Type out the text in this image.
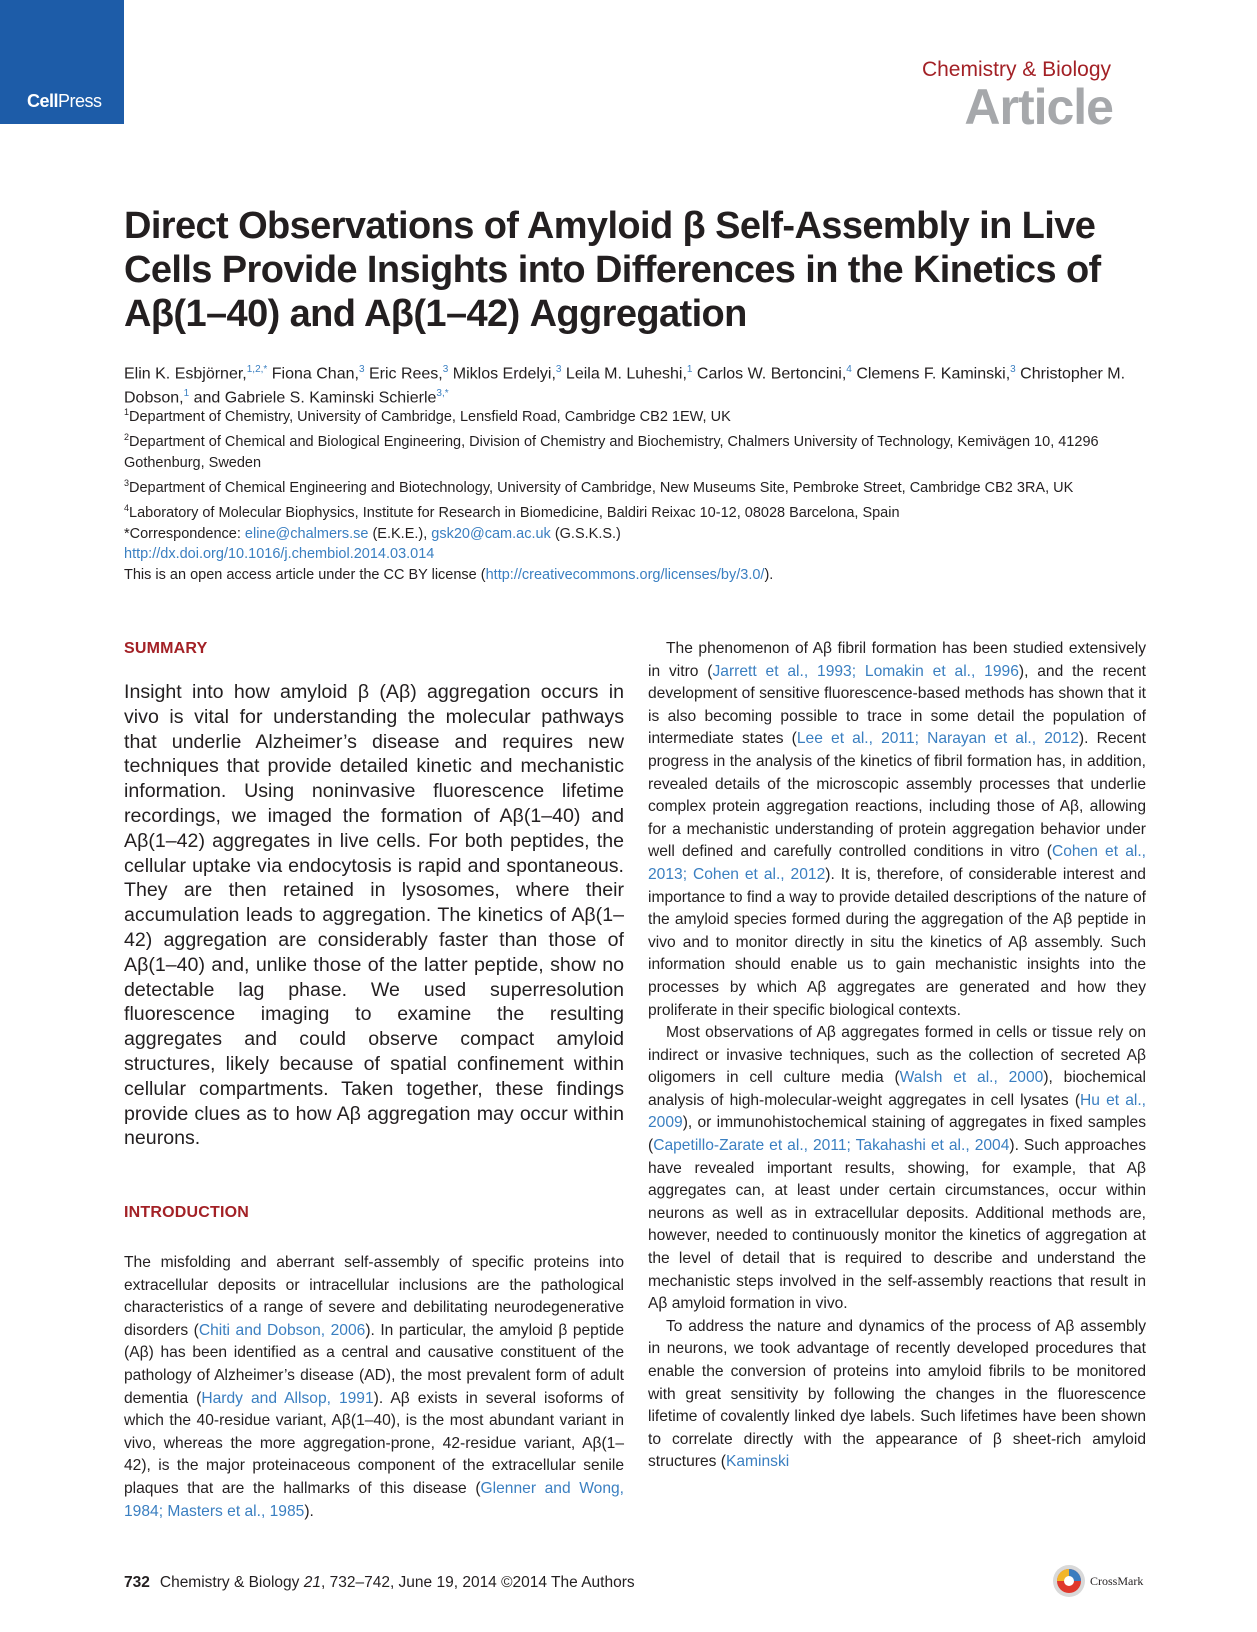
CellPress
Chemistry & Biology
Article
Direct Observations of Amyloid β Self-Assembly in Live Cells Provide Insights into Differences in the Kinetics of Aβ(1–40) and Aβ(1–42) Aggregation
Elin K. Esbjörner,$^{1,2,*}$ Fiona Chan,$^3$ Eric Rees,$^3$ Miklos Erdelyi,$^3$ Leila M. Luheshi,$^1$ Carlos W. Bertoncini,$^4$ Clemens F. Kaminski,$^3$ Christopher M. Dobson,$^1$ and Gabriele S. Kaminski Schierle$^{3,*}$
$^1$Department of Chemistry, University of Cambridge, Lensfield Road, Cambridge CB2 1EW, UK
$^2$Department of Chemical and Biological Engineering, Division of Chemistry and Biochemistry, Chalmers University of Technology, Kemivägen 10, 41296 Gothenburg, Sweden
$^3$Department of Chemical Engineering and Biotechnology, University of Cambridge, New Museums Site, Pembroke Street, Cambridge CB2 3RA, UK
$^4$Laboratory of Molecular Biophysics, Institute for Research in Biomedicine, Baldiri Reixac 10-12, 08028 Barcelona, Spain
*Correspondence: eline@chalmers.se (E.K.E.), gsk20@cam.ac.uk (G.S.K.S.)
http://dx.doi.org/10.1016/j.chembiol.2014.03.014
This is an open access article under the CC BY license (http://creativecommons.org/licenses/by/3.0/).
SUMMARY

Insight into how amyloid β (Aβ) aggregation occurs in vivo is vital for understanding the molecular pathways that underlie Alzheimer’s disease and requires new techniques that provide detailed kinetic and mechanistic information. Using noninvasive fluorescence lifetime recordings, we imaged the formation of Aβ(1–40) and Aβ(1–42) aggregates in live cells. For both peptides, the cellular uptake via endocytosis is rapid and spontaneous. They are then retained in lysosomes, where their accumulation leads to aggregation. The kinetics of Aβ(1–42) aggregation are considerably faster than those of Aβ(1–40) and, unlike those of the latter peptide, show no detectable lag phase. We used superresolution fluorescence imaging to examine the resulting aggregates and could observe compact amyloid structures, likely because of spatial confinement within cellular compartments. Taken together, these findings provide clues as to how Aβ aggregation may occur within neurons.

INTRODUCTION

The misfolding and aberrant self-assembly of specific proteins into extracellular deposits or intracellular inclusions are the pathological characteristics of a range of severe and debilitating neurodegenerative disorders (Chiti and Dobson, 2006). In particular, the amyloid β peptide (Aβ) has been identified as a central and causative constituent of the pathology of Alzheimer’s disease (AD), the most prevalent form of adult dementia (Hardy and Allsop, 1991). Aβ exists in several isoforms of which the 40-residue variant, Aβ(1–40), is the most abundant variant in vivo, whereas the more aggregation-prone, 42-residue variant, Aβ(1–42), is the major proteinaceous component of the extracellular senile plaques that are the hallmarks of this disease (Glenner and Wong, 1984; Masters et al., 1985).

The phenomenon of Aβ fibril formation has been studied extensively in vitro (Jarrett et al., 1993; Lomakin et al., 1996), and the recent development of sensitive fluorescence-based methods has shown that it is also becoming possible to trace in some detail the population of intermediate states (Lee et al., 2011; Narayan et al., 2012). Recent progress in the analysis of the kinetics of fibril formation has, in addition, revealed details of the microscopic assembly processes that underlie complex protein aggregation reactions, including those of Aβ, allowing for a mechanistic understanding of protein aggregation behavior under well defined and carefully controlled conditions in vitro (Cohen et al., 2013; Cohen et al., 2012). It is, therefore, of considerable interest and importance to find a way to provide detailed descriptions of the nature of the amyloid species formed during the aggregation of the Aβ peptide in vivo and to monitor directly in situ the kinetics of Aβ assembly. Such information should enable us to gain mechanistic insights into the processes by which Aβ aggregates are generated and how they proliferate in their specific biological contexts.

Most observations of Aβ aggregates formed in cells or tissue rely on indirect or invasive techniques, such as the collection of secreted Aβ oligomers in cell culture media (Walsh et al., 2000), biochemical analysis of high-molecular-weight aggregates in cell lysates (Hu et al., 2009), or immunohistochemical staining of aggregates in fixed samples (Capetillo-Zarate et al., 2011; Takahashi et al., 2004). Such approaches have revealed important results, showing, for example, that Aβ aggregates can, at least under certain circumstances, occur within neurons as well as in extracellular deposits. Additional methods are, however, needed to continuously monitor the kinetics of aggregation at the level of detail that is required to describe and understand the mechanistic steps involved in the self-assembly reactions that result in Aβ amyloid formation in vivo.

To address the nature and dynamics of the process of Aβ assembly in neurons, we took advantage of recently developed procedures that enable the conversion of proteins into amyloid fibrils to be monitored with great sensitivity by following the changes in the fluorescence lifetime of covalently linked dye labels. Such lifetimes have been shown to correlate directly with the appearance of β sheet-rich amyloid structures (Kaminski

732 Chemistry & Biology 21, 732–742, June 19, 2014 ©2014 The Authors	CrossMark
